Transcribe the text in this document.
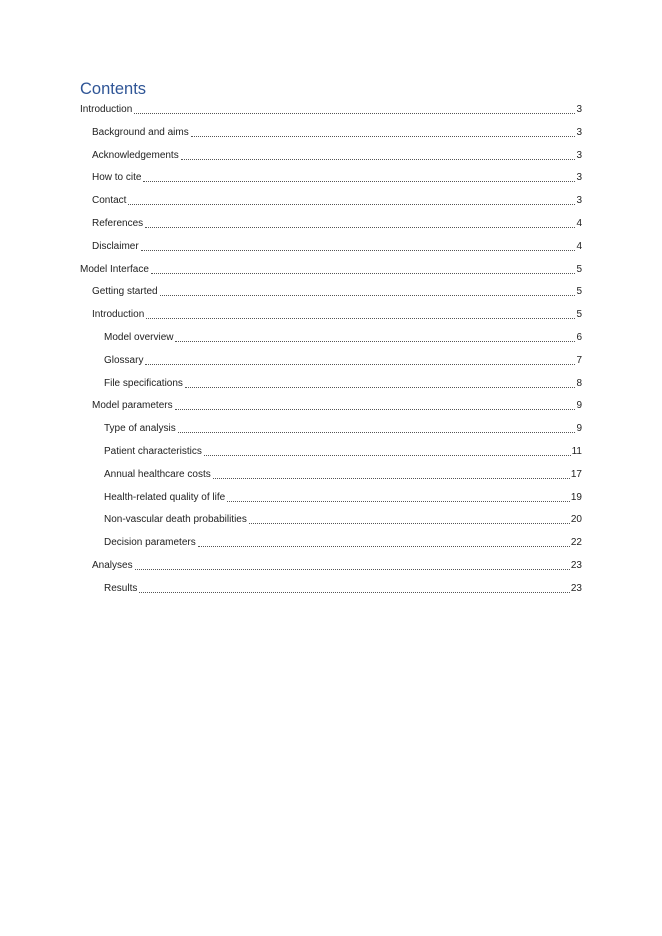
Contents
Introduction	3
Background and aims	3
Acknowledgements	3
How to cite	3
Contact	3
References	4
Disclaimer	4
Model Interface	5
Getting started	5
Introduction	5
Model overview	6
Glossary	7
File specifications	8
Model parameters	9
Type of analysis	9
Patient characteristics	11
Annual healthcare costs	17
Health-related quality of life	19
Non-vascular death probabilities	20
Decision parameters	22
Analyses	23
Results	23
